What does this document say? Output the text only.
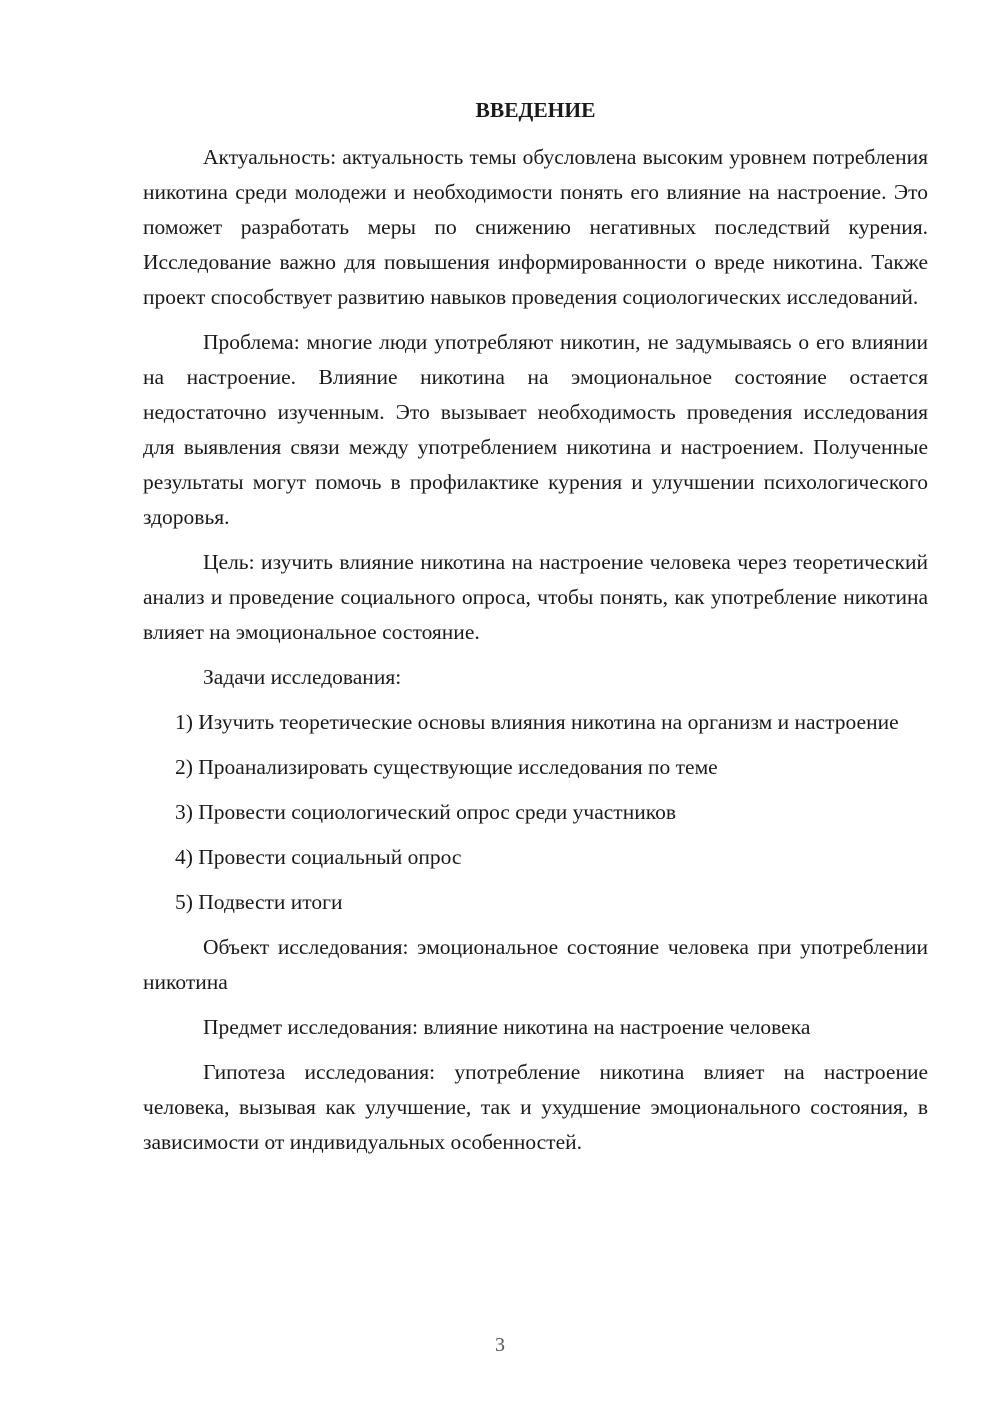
ВВЕДЕНИЕ

Актуальность: актуальность темы обусловлена высоким уровнем потребления никотина среди молодежи и необходимости понять его влияние на настроение. Это поможет разработать меры по снижению негативных последствий курения. Исследование важно для повышения информированности о вреде никотина. Также проект способствует развитию навыков проведения социологических исследований.

Проблема: многие люди употребляют никотин, не задумываясь о его влиянии на настроение. Влияние никотина на эмоциональное состояние остается недостаточно изученным. Это вызывает необходимость проведения исследования для выявления связи между употреблением никотина и настроением. Полученные результаты могут помочь в профилактике курения и улучшении психологического здоровья.

Цель: изучить влияние никотина на настроение человека через теоретический анализ и проведение социального опроса, чтобы понять, как употребление никотина влияет на эмоциональное состояние.

Задачи исследования:

1) Изучить теоретические основы влияния никотина на организм и настроение

2) Проанализировать существующие исследования по теме

3) Провести социологический опрос среди участников

4) Провести социальный опрос

5) Подвести итоги

Объект исследования: эмоциональное состояние человека при употреблении никотина

Предмет исследования: влияние никотина на настроение человека

Гипотеза исследования: употребление никотина влияет на настроение человека, вызывая как улучшение, так и ухудшение эмоционального состояния, в зависимости от индивидуальных особенностей.

3
